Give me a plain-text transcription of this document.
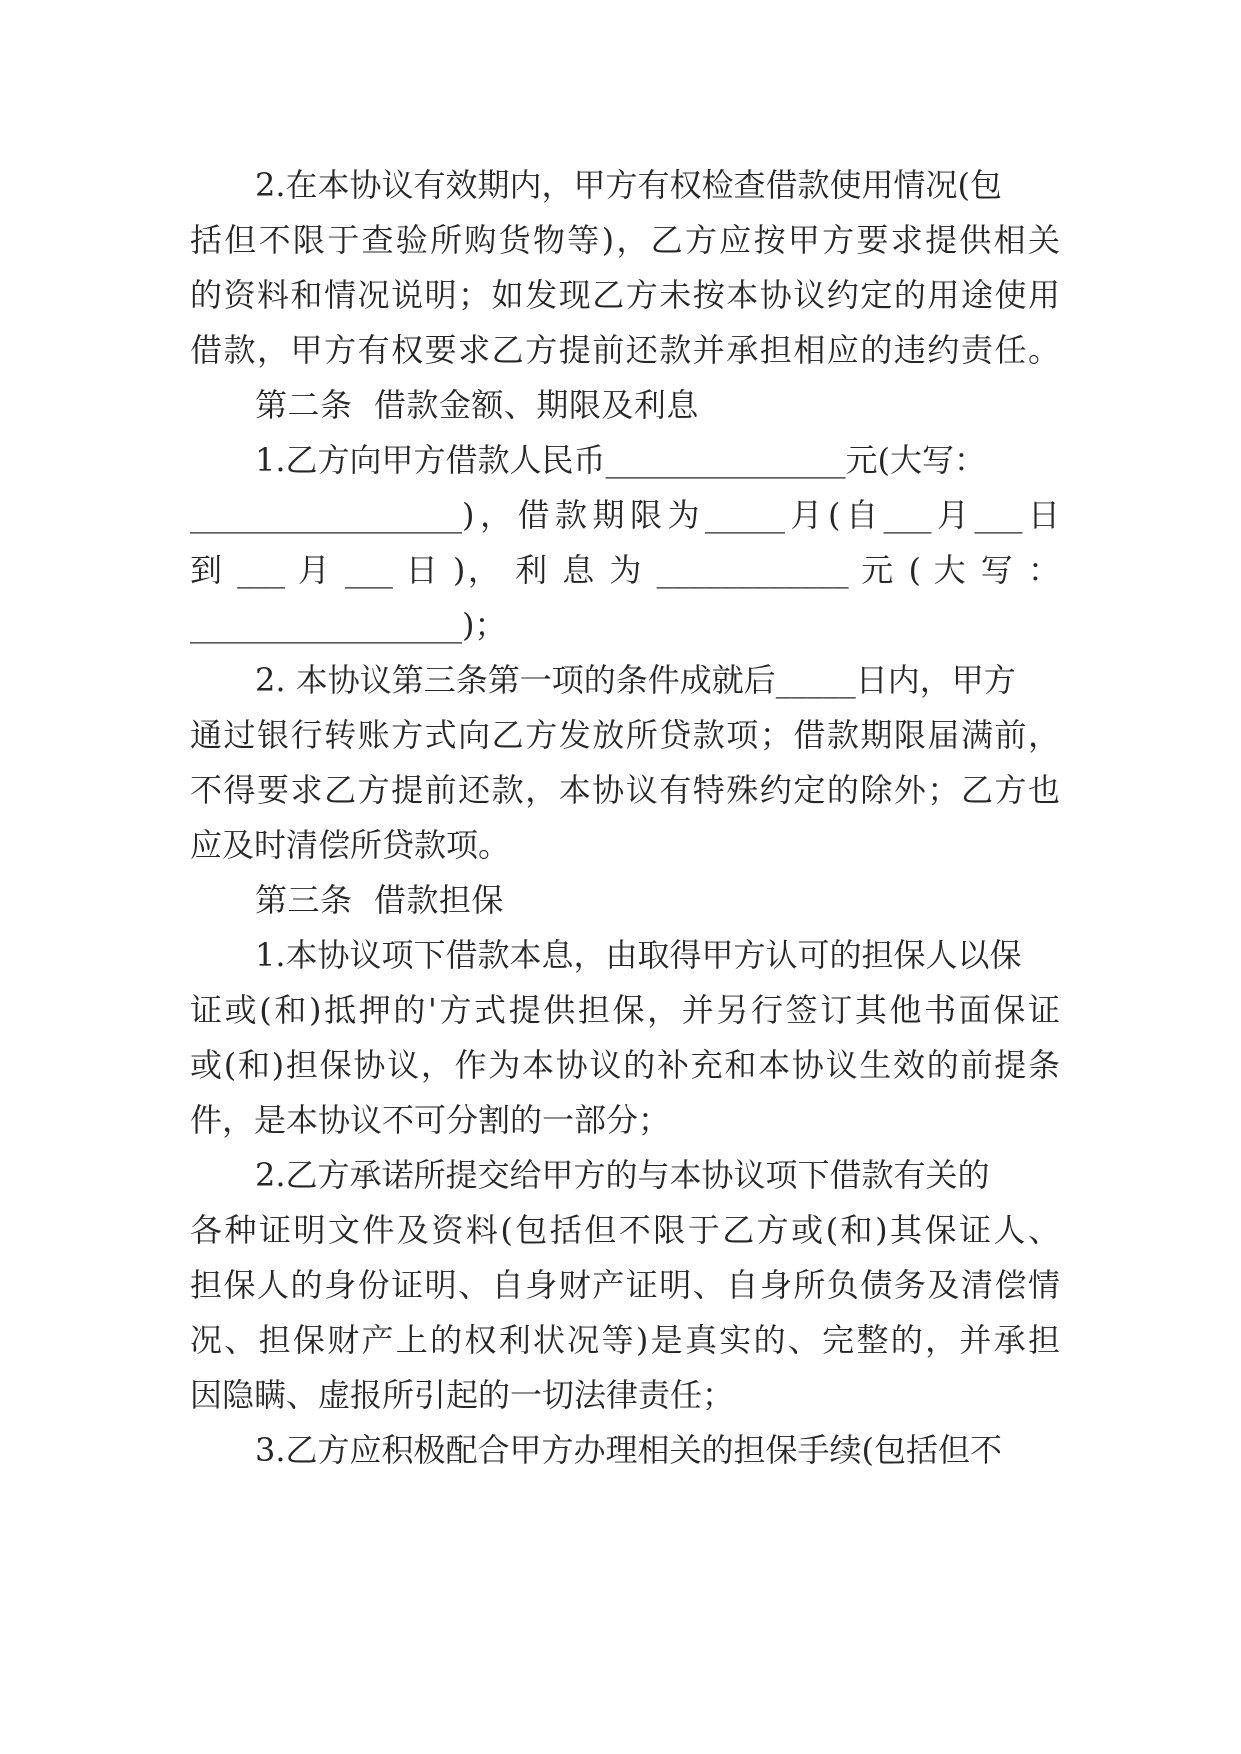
2.在本协议有效期内，甲方有权检查借款使用情况(包
括但不限于查验所购货物等)，乙方应按甲方要求提供相关
的资料和情况说明；如发现乙方未按本协议约定的用途使用
借款，甲方有权要求乙方提前还款并承担相应的违约责任。
第二条  借款金额、期限及利息
1.乙方向甲方借款人民币_______________元(大写：
_________________)，借款期限为_____月(自___月___日
到 ___ 月 ___ 日 )， 利 息 为 ____________ 元 ( 大 写 ：
_________________)；
2. 本协议第三条第一项的条件成就后_____日内，甲方
通过银行转账方式向乙方发放所贷款项；借款期限届满前，
不得要求乙方提前还款，本协议有特殊约定的除外；乙方也
应及时清偿所贷款项。
第三条  借款担保
1.本协议项下借款本息，由取得甲方认可的担保人以保
证或(和)抵押的'方式提供担保，并另行签订其他书面保证
或(和)担保协议，作为本协议的补充和本协议生效的前提条
件，是本协议不可分割的一部分；
2.乙方承诺所提交给甲方的与本协议项下借款有关的
各种证明文件及资料(包括但不限于乙方或(和)其保证人、
担保人的身份证明、自身财产证明、自身所负债务及清偿情
况、担保财产上的权利状况等)是真实的、完整的，并承担
因隐瞒、虚报所引起的一切法律责任；
3.乙方应积极配合甲方办理相关的担保手续(包括但不
